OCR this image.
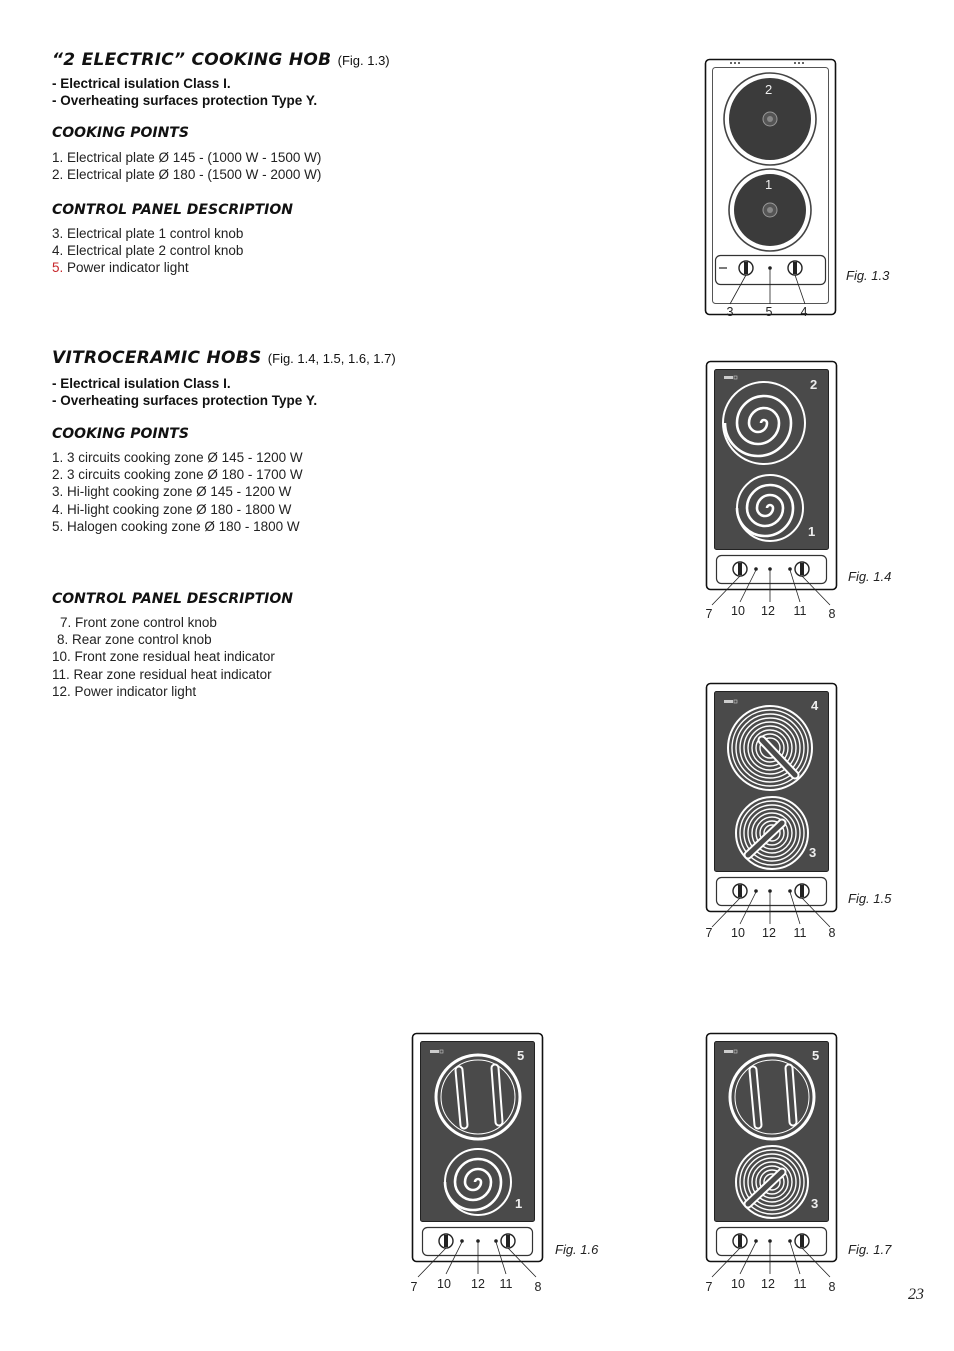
“2 ELECTRIC” COOKING HOB (Fig. 1.3)
- Electrical isulation Class I.
- Overheating surfaces protection Type Y.
COOKING POINTS
1. Electrical plate Ø 145 - (1000 W - 1500 W)
2. Electrical plate Ø 180 - (1500 W - 2000 W)
CONTROL PANEL DESCRIPTION
3. Electrical plate 1 control knob
4. Electrical plate 2 control knob
5. Power indicator light
VITROCERAMIC HOBS (Fig. 1.4, 1.5, 1.6, 1.7)
- Electrical isulation Class I.
- Overheating surfaces protection Type Y.
COOKING POINTS
1. 3 circuits cooking zone Ø 145 - 1200 W
2. 3 circuits cooking zone Ø 180 - 1700 W
3. Hi-light cooking zone Ø 145 - 1200 W
4. Hi-light cooking zone Ø 180 - 1800 W
5. Halogen cooking zone Ø 180 - 1800 W
CONTROL PANEL DESCRIPTION
7. Front zone control knob
8. Rear zone control knob
10. Front zone residual heat indicator
11. Rear zone residual heat indicator
12. Power indicator light
2
1
Fig. 1.3
3	5 4
2
1
Fig. 1.4
7 10 12 11 8
4
3
Fig. 1.5
7 10 12 11 8
5
1
Fig. 1.6
7 10 12 11 8
5
3
Fig. 1.7
7 10 12 11 8	23
